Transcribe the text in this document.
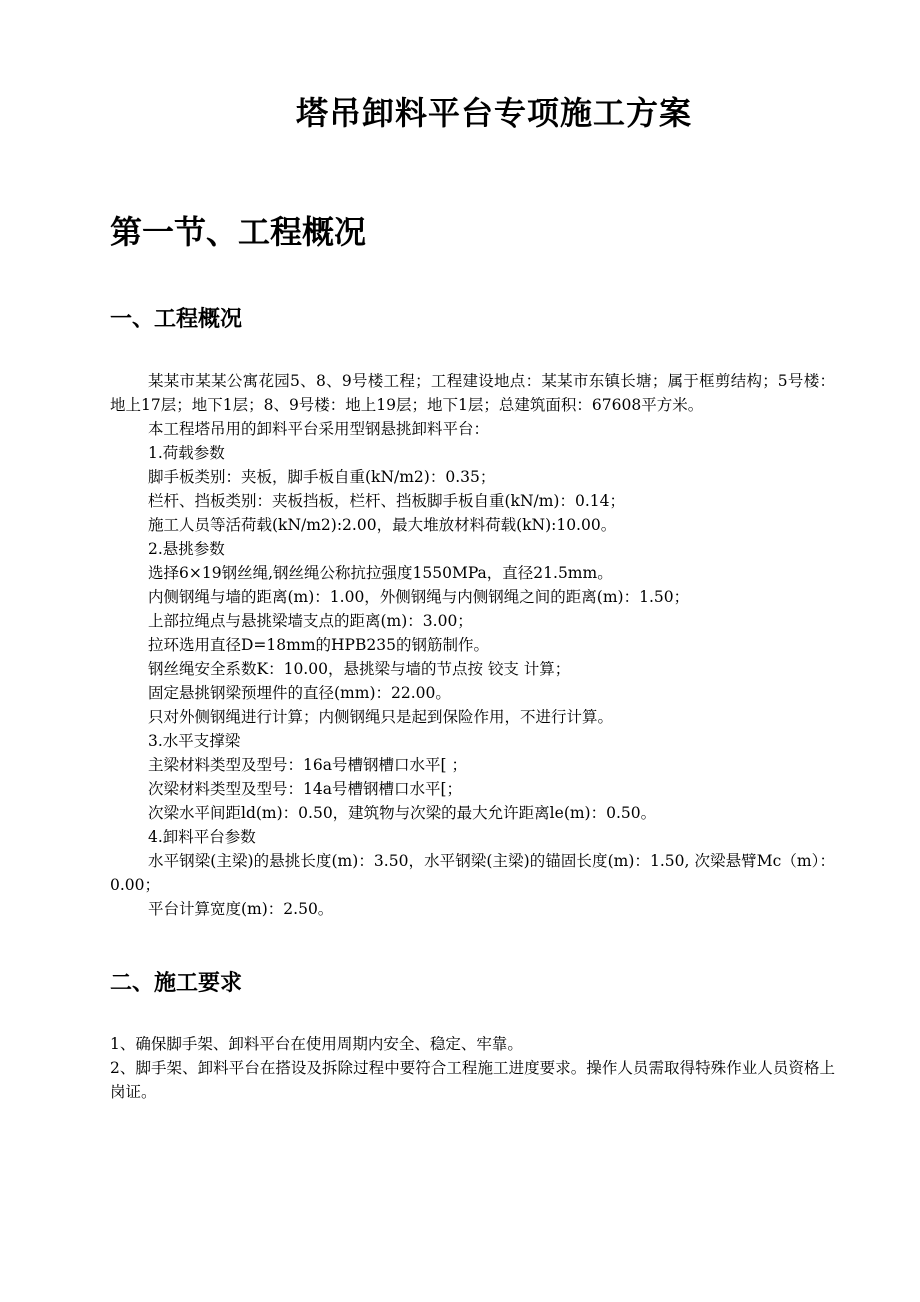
塔吊卸料平台专项施工方案
第一节、工程概况
一、工程概况

某某市某某公寓花园5、8、9号楼工程；工程建设地点：某某市东镇长塘；属于框剪结构；5号楼：地上17层；地下1层；8、9号楼：地上19层；地下1层；总建筑面积：67608平方米。

本工程塔吊用的卸料平台采用型钢悬挑卸料平台：

1.荷载参数

脚手板类别：夹板，脚手板自重(kN/m2)：0.35；

栏杆、挡板类别：夹板挡板，栏杆、挡板脚手板自重(kN/m)：0.14；

施工人员等活荷载(kN/m2):2.00，最大堆放材料荷载(kN):10.00。

2.悬挑参数

选择6×19钢丝绳,钢丝绳公称抗拉强度1550MPa，直径21.5mm。

内侧钢绳与墙的距离(m)：1.00，外侧钢绳与内侧钢绳之间的距离(m)：1.50；

上部拉绳点与悬挑梁墙支点的距离(m)：3.00；

拉环选用直径D=18mm的HPB235的钢筋制作。

钢丝绳安全系数K：10.00，悬挑梁与墙的节点按 铰支 计算；

固定悬挑钢梁预埋件的直径(mm)：22.00。

只对外侧钢绳进行计算；内侧钢绳只是起到保险作用，不进行计算。

3.水平支撑梁

主梁材料类型及型号：16a号槽钢槽口水平[ ；

次梁材料类型及型号：14a号槽钢槽口水平[；

次梁水平间距ld(m)：0.50，建筑物与次梁的最大允许距离le(m)：0.50。

4.卸料平台参数

水平钢梁(主梁)的悬挑长度(m)：3.50，水平钢梁(主梁)的锚固长度(m)：1.50, 次梁悬臂Mc（m）：0.00；

平台计算宽度(m)：2.50。

二、施工要求

1、确保脚手架、卸料平台在使用周期内安全、稳定、牢靠。

2、脚手架、卸料平台在搭设及拆除过程中要符合工程施工进度要求。操作人员需取得特殊作业人员资格上岗证。
